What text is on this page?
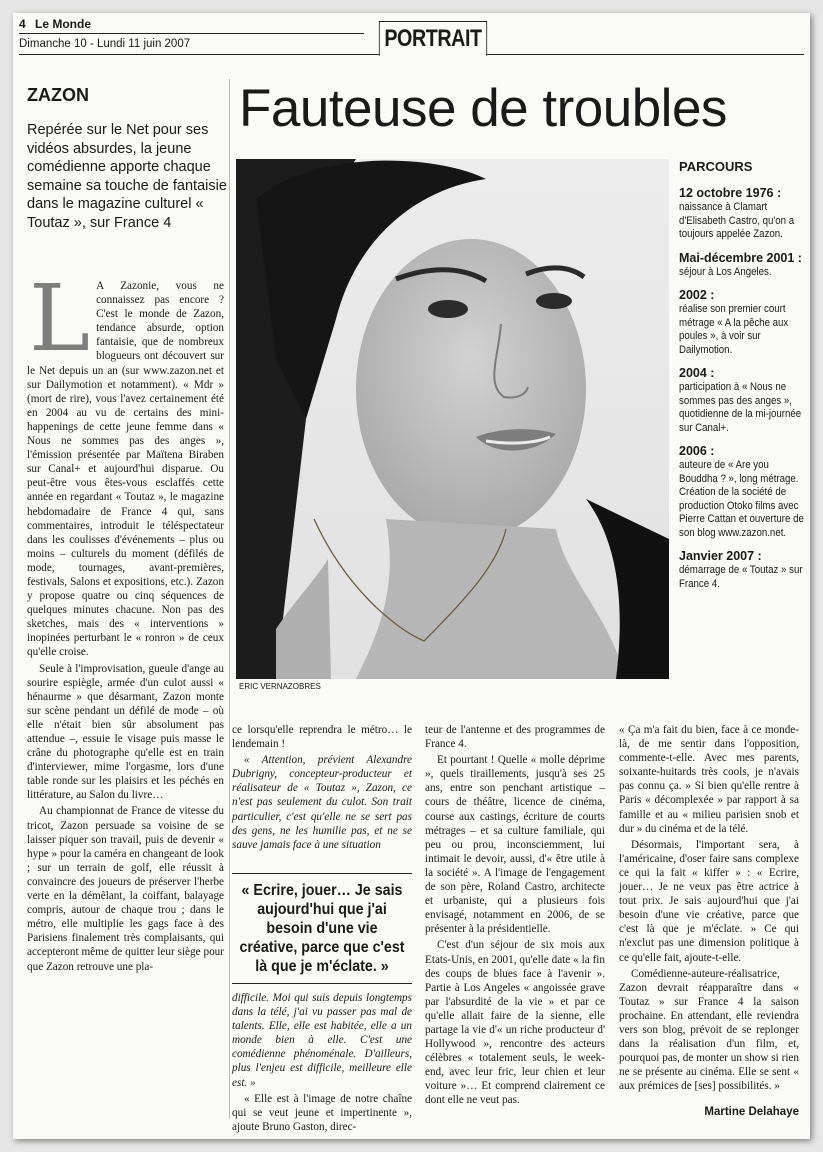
4 Le Monde
Dimanche 10 - Lundi 11 juin 2007	PORTRAIT
ZAZON
Repérée sur le Net pour ses vidéos absurdes, la jeune comédienne apporte chaque semaine sa touche de fantaisie dans le magazine culturel « Toutaz », sur France 4
Fauteuse de troubles
L A Zazonie, vous ne connaissez pas encore ? C'est le monde de Zazon, tendance absurde, option fantaisie, que de nombreux blogueurs ont découvert sur le Net depuis un an (sur www.zazon.net et sur Dailymotion et notamment). « Mdr » (mort de rire), vous l'avez certainement été en 2004 au vu de certains des mini-happenings de cette jeune femme dans « Nous ne sommes pas des anges », l'émission présentée par Maïtena Biraben sur Canal+ et aujourd'hui disparue. Ou peut-être vous êtes-vous esclaffés cette année en regardant « Toutaz », le magazine hebdomadaire de France 4 qui, sans commentaires, introduit le téléspectateur dans les coulisses d'événements – plus ou moins – culturels du moment (défilés de mode, tournages, avant-premières, festivals, Salons et expositions, etc.). Zazon y propose quatre ou cinq séquences de quelques minutes chacune. Non pas des sketches, mais des « interventions » inopinées perturbant le « ronron » de ceux qu'elle croise.

Seule à l'improvisation, gueule d'ange au sourire espiègle, armée d'un culot aussi « hénaurme » que désarmant, Zazon monte sur scène pendant un défilé de mode – où elle n'était bien sûr absolument pas attendue –, essuie le visage puis masse le crâne du photographe qu'elle est en train d'interviewer, mime l'orgasme, lors d'une table ronde sur les plaisirs et les péchés en littérature, au Salon du livre…

Au championnat de France de vitesse du tricot, Zazon persuade sa voisine de se laisser piquer son travail, puis de devenir « hype » pour la caméra en changeant de look ; sur un terrain de golf, elle réussit à convaincre des joueurs de préserver l'herbe verte en la démêlant, la coiffant, balayage compris, autour de chaque trou ; dans le métro, elle multiplie les gags face à des Parisiens finalement très complaisants, qui accepteront même de quitter leur siège pour que Zazon retrouve une pla-

ERIC VERNAZOBRES
PARCOURS
12 octobre 1976 :
naissance à Clamart d'Elisabeth Castro, qu'on a toujours appelée Zazon.
Mai-décembre 2001 :
séjour à Los Angeles.
2002 :
réalise son premier court métrage « A la pêche aux poules », à voir sur Dailymotion.
2004 :
participation à « Nous ne sommes pas des anges », quotidienne de la mi-journée sur Canal+.
2006 :
auteure de « Are you Bouddha ? », long métrage. Création de la société de production Otoko films avec Pierre Cattan et ouverture de son blog www.zazon.net.
Janvier 2007 :
démarrage de « Toutaz » sur France 4.

ce lorsqu'elle reprendra le métro… le lendemain !

« Attention, prévient Alexandre Dubrigny, concepteur-producteur et réalisateur de « Toutaz », Zazon, ce n'est pas seulement du culot. Son trait particulier, c'est qu'elle ne se sert pas des gens, ne les humilie pas, et ne se sauve jamais face à une situation

« Ecrire, jouer… Je sais aujourd'hui que j'ai besoin d'une vie créative, parce que c'est là que je m'éclate. »

difficile. Moi qui suis depuis longtemps dans la télé, j'ai vu passer pas mal de talents. Elle, elle est habitée, elle a un monde bien à elle. C'est une comédienne phénoménale. D'ailleurs, plus l'enjeu est difficile, meilleure elle est. »

« Elle est à l'image de notre chaîne qui se veut jeune et impertinente », ajoute Bruno Gaston, direc-

teur de l'antenne et des programmes de France 4.

Et pourtant ! Quelle « molle déprime », quels tiraillements, jusqu'à ses 25 ans, entre son penchant artistique – cours de théâtre, licence de cinéma, course aux castings, écriture de courts métrages – et sa culture familiale, qui peu ou prou, inconsciemment, lui intimait le devoir, aussi, d'« être utile à la société ». A l'image de l'engagement de son père, Roland Castro, architecte et urbaniste, qui a plusieurs fois envisagé, notamment en 2006, de se présenter à la présidentielle.

C'est d'un séjour de six mois aux Etats-Unis, en 2001, qu'elle date « la fin des coups de blues face à l'avenir ». Partie à Los Angeles « angoissée grave par l'absurdité de la vie » et par ce qu'elle allait faire de la sienne, elle partage la vie d'« un riche producteur d' Hollywood », rencontre des acteurs célèbres « totalement seuls, le week-end, avec leur fric, leur chien et leur voiture »… Et comprend clairement ce dont elle ne veut pas.

« Ça m'a fait du bien, face à ce monde-là, de me sentir dans l'opposition, commente-t-elle. Avec mes parents, soixante-huitards très cools, je n'avais pas connu ça. » Si bien qu'elle rentre à Paris « décomplexée » par rapport à sa famille et au « milieu parisien snob et dur » du cinéma et de la télé.

Désormais, l'important sera, à l'américaine, d'oser faire sans complexe ce qui la fait « kiffer » : « Ecrire, jouer… Je ne veux pas être actrice à tout prix. Je sais aujourd'hui que j'ai besoin d'une vie créative, parce que c'est là que je m'éclate. » Ce qui n'exclut pas une dimension politique à ce qu'elle fait, ajoute-t-elle.

Comédienne-auteure-réalisatrice, Zazon devrait réapparaître dans « Toutaz » sur France 4 la saison prochaine. En attendant, elle reviendra vers son blog, prévoit de se replonger dans la réalisation d'un film, et, pourquoi pas, de monter un show si rien ne se présente au cinéma. Elle se sent « aux prémices de [ses] possibilités. »

Martine Delahaye
